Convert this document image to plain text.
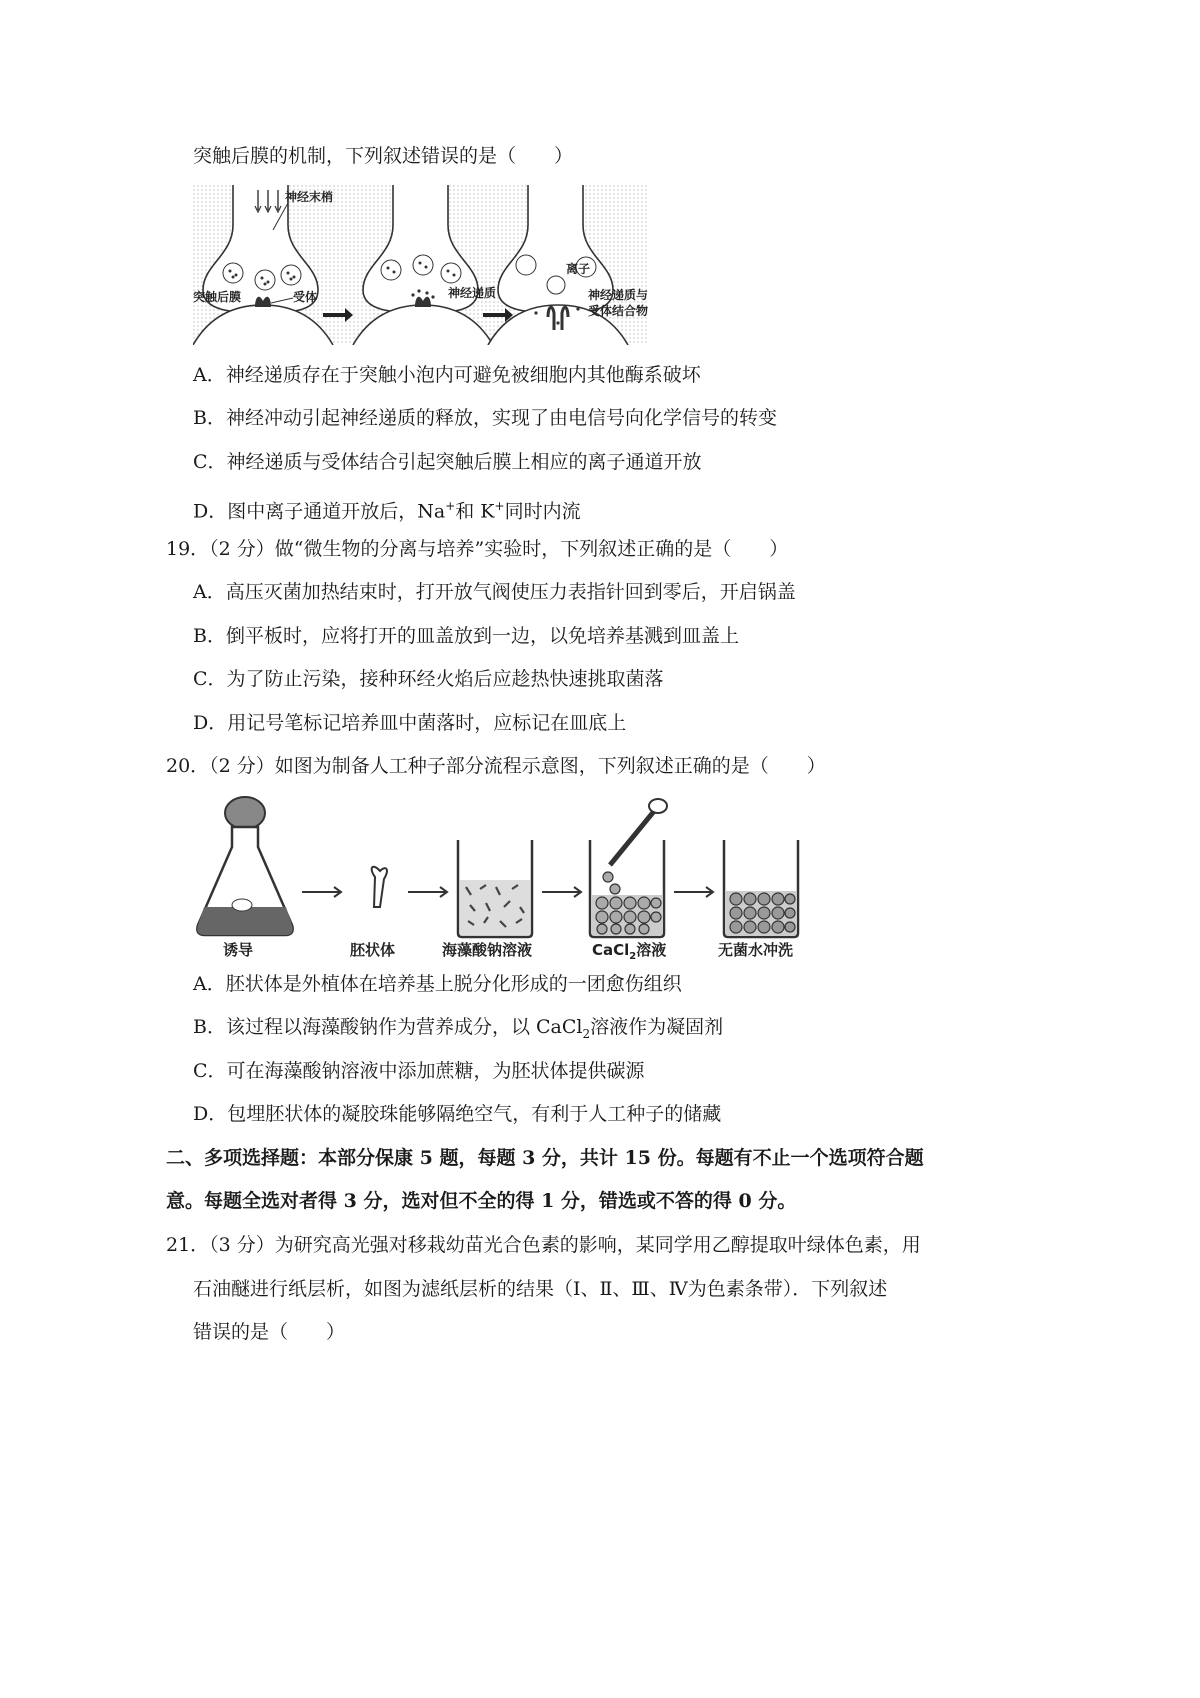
突触后膜的机制，下列叙述错误的是（　　）
神经末梢
突触后膜	受体	神经递质
离子
神经递质与
受体结合物
A．神经递质存在于突触小泡内可避免被细胞内其他酶系破坏
B．神经冲动引起神经递质的释放，实现了由电信号向化学信号的转变
C．神经递质与受体结合引起突触后膜上相应的离子通道开放
D．图中离子通道开放后，Na+和 K+同时内流
19．（2 分）做“微生物的分离与培养”实验时，下列叙述正确的是（　　）
A．高压灭菌加热结束时，打开放气阀使压力表指针回到零后，开启锅盖
B．倒平板时，应将打开的皿盖放到一边，以免培养基溅到皿盖上
C．为了防止污染，接种环经火焰后应趁热快速挑取菌落
D．用记号笔标记培养皿中菌落时，应标记在皿底上
20．（2 分）如图为制备人工种子部分流程示意图，下列叙述正确的是（　　）
诱导	胚状体	海藻酸钠溶液	CaCl$_2$溶液	无菌水冲洗
A．胚状体是外植体在培养基上脱分化形成的一团愈伤组织
B．该过程以海藻酸钠作为营养成分，以 CaCl$_2$溶液作为凝固剂
C．可在海藻酸钠溶液中添加蔗糖，为胚状体提供碳源
D．包埋胚状体的凝胶珠能够隔绝空气，有利于人工种子的储藏
二、多项选择题：本部分保康 5 题，每题 3 分，共计 15 份。每题有不止一个选项符合题
意。每题全选对者得 3 分，选对但不全的得 1 分，错选或不答的得 0 分。
21．（3 分）为研究高光强对移栽幼苗光合色素的影响，某同学用乙醇提取叶绿体色素，用
石油醚进行纸层析，如图为滤纸层析的结果（Ⅰ、Ⅱ、Ⅲ、Ⅳ为色素条带）．下列叙述
错误的是（　　）
